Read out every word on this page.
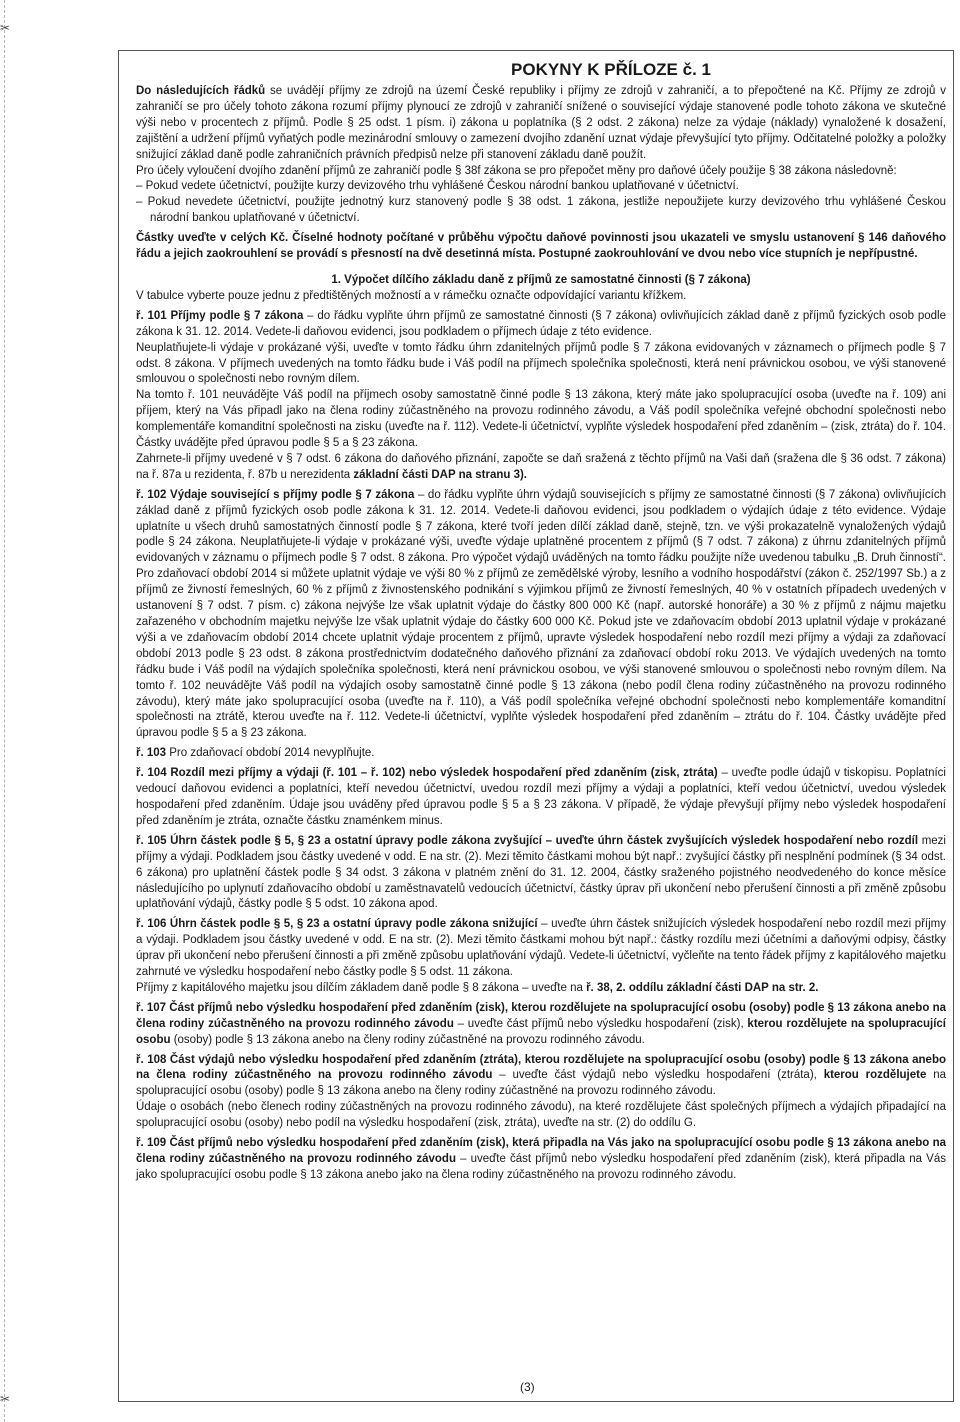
✂
✂

POKYNY K PŘÍLOZE č. 1

Do následujících řádků se uvádějí příjmy ze zdrojů na území České republiky i příjmy ze zdrojů v zahraničí, a to přepočtené na Kč. Příjmy ze zdrojů v zahraničí se pro účely tohoto zákona rozumí příjmy plynoucí ze zdrojů v zahraničí snížené o související výdaje stanovené podle tohoto zákona ve skutečné výši nebo v procentech z příjmů. Podle § 25 odst. 1 písm. i) zákona u poplatníka (§ 2 odst. 2 zákona) nelze za výdaje (náklady) vynaložené k dosažení, zajištění a udržení příjmů vyňatých podle mezinárodní smlouvy o zamezení dvojího zdanění uznat výdaje převyšující tyto příjmy. Odčitatelné položky a položky snižující základ daně podle zahraničních právních předpisů nelze při stanovení základu daně použít.

Pro účely vyloučení dvojího zdanění příjmů ze zahraničí podle § 38f zákona se pro přepočet měny pro daňové účely použije § 38 zákona následovně:

– Pokud vedete účetnictví, použijte kurzy devizového trhu vyhlášené Českou národní bankou uplatňované v účetnictví.

– Pokud nevedete účetnictví, použijte jednotný kurz stanovený podle § 38 odst. 1 zákona, jestliže nepoužijete kurzy devizového trhu vyhlášené Českou národní bankou uplatňované v účetnictví.

Částky uveďte v celých Kč. Číselné hodnoty počítané v průběhu výpočtu daňové povinnosti jsou ukazateli ve smyslu ustanovení § 146 daňového řádu a jejich zaokrouhlení se provádí s přesností na dvě desetinná místa. Postupné zaokrouhlování ve dvou nebo více stupních je nepřípustné.

1. Výpočet dílčího základu daně z příjmů ze samostatné činnosti (§ 7 zákona)

V tabulce vyberte pouze jednu z předtištěných možností a v rámečku označte odpovídající variantu křížkem.

ř. 101 Příjmy podle § 7 zákona – do řádku vyplňte úhrn příjmů ze samostatné činnosti (§ 7 zákona) ovlivňujících základ daně z příjmů fyzických osob podle zákona k 31. 12. 2014. Vedete-li daňovou evidenci, jsou podkladem o příjmech údaje z této evidence.

Neuplatňujete-li výdaje v prokázané výši, uveďte v tomto řádku úhrn zdanitelných příjmů podle § 7 zákona evidovaných v záznamech o příjmech podle § 7 odst. 8 zákona. V příjmech uvedených na tomto řádku bude i Váš podíl na příjmech společníka společnosti, která není právnickou osobou, ve výši stanovené smlouvou o společnosti nebo rovným dílem.

Na tomto ř. 101 neuvádějte Váš podíl na příjmech osoby samostatně činné podle § 13 zákona, který máte jako spolupracující osoba (uveďte na ř. 109) ani příjem, který na Vás připadl jako na člena rodiny zúčastněného na provozu rodinného závodu, a Váš podíl společníka veřejné obchodní společnosti nebo komplementáře komanditní společnosti na zisku (uveďte na ř. 112). Vedete-li účetnictví, vyplňte výsledek hospodaření před zdaněním – (zisk, ztráta) do ř. 104. Částky uvádějte před úpravou podle § 5 a § 23 zákona.

Zahrnete-li příjmy uvedené v § 7 odst. 6 zákona do daňového přiznání, započte se daň sražená z těchto příjmů na Vaši daň (sražena dle § 36 odst. 7 zákona) na ř. 87a u rezidenta, ř. 87b u nerezidenta základní části DAP na stranu 3).

ř. 102 Výdaje související s příjmy podle § 7 zákona – do řádku vyplňte úhrn výdajů souvisejících s příjmy ze samostatné činnosti (§ 7 zákona) ovlivňujících základ daně z příjmů fyzických osob podle zákona k 31. 12. 2014. Vedete-li daňovou evidenci, jsou podkladem o výdajích údaje z této evidence. Výdaje uplatníte u všech druhů samostatných činností podle § 7 zákona, které tvoří jeden dílčí základ daně, stejně, tzn. ve výši prokazatelně vynaložených výdajů podle § 24 zákona. Neuplatňujete-li výdaje v prokázané výši, uveďte výdaje uplatněné procentem z příjmů (§ 7 odst. 7 zákona) z úhrnu zdanitelných příjmů evidovaných v záznamu o příjmech podle § 7 odst. 8 zákona. Pro výpočet výdajů uváděných na tomto řádku použijte níže uvedenou tabulku „B. Druh činností“. Pro zdaňovací období 2014 si můžete uplatnit výdaje ve výši 80 % z příjmů ze zemědělské výroby, lesního a vodního hospodářství (zákon č. 252/1997 Sb.) a z příjmů ze živností řemeslných, 60 % z příjmů z živnostenského podnikání s výjimkou příjmů ze živností řemeslných, 40 % v ostatních případech uvedených v ustanovení § 7 odst. 7 písm. c) zákona nejvýše lze však uplatnit výdaje do částky 800 000 Kč (např. autorské honoráře) a 30 % z příjmů z nájmu majetku zařazeného v obchodním majetku nejvýše lze však uplatnit výdaje do částky 600 000 Kč. Pokud jste ve zdaňovacím období 2013 uplatnil výdaje v prokázané výši a ve zdaňovacím období 2014 chcete uplatnit výdaje procentem z příjmů, upravte výsledek hospodaření nebo rozdíl mezi příjmy a výdaji za zdaňovací období 2013 podle § 23 odst. 8 zákona prostřednictvím dodatečného daňového přiznání za zdaňovací období roku 2013. Ve výdajích uvedených na tomto řádku bude i Váš podíl na výdajích společníka společnosti, která není právnickou osobou, ve výši stanovené smlouvou o společnosti nebo rovným dílem. Na tomto ř. 102 neuvádějte Váš podíl na výdajích osoby samostatně činné podle § 13 zákona (nebo podíl člena rodiny zúčastněného na provozu rodinného závodu), který máte jako spolupracující osoba (uveďte na ř. 110), a Váš podíl společníka veřejné obchodní společnosti nebo komplementáře komanditní společnosti na ztrátě, kterou uveďte na ř. 112. Vedete-li účetnictví, vyplňte výsledek hospodaření před zdaněním – ztrátu do ř. 104. Částky uvádějte před úpravou podle § 5 a § 23 zákona.

ř. 103 Pro zdaňovací období 2014 nevyplňujte.

ř. 104 Rozdíl mezi příjmy a výdaji (ř. 101 – ř. 102) nebo výsledek hospodaření před zdaněním (zisk, ztráta) – uveďte podle údajů v tiskopisu. Poplatníci vedoucí daňovou evidenci a poplatníci, kteří nevedou účetnictví, uvedou rozdíl mezi příjmy a výdaji a poplatníci, kteří vedou účetnictví, uvedou výsledek hospodaření před zdaněním. Údaje jsou uváděny před úpravou podle § 5 a § 23 zákona. V případě, že výdaje převyšují příjmy nebo výsledek hospodaření před zdaněním je ztráta, označte částku znaménkem minus.

ř. 105 Úhrn částek podle § 5, § 23 a ostatní úpravy podle zákona zvyšující – uveďte úhrn částek zvyšujících výsledek hospodaření nebo rozdíl mezi příjmy a výdaji. Podkladem jsou částky uvedené v odd. E na str. (2). Mezi těmito částkami mohou být např.: zvyšující částky při nesplnění podmínek (§ 34 odst. 6 zákona) pro uplatnění částek podle § 34 odst. 3 zákona v platném znění do 31. 12. 2004, částky sraženého pojistného neodvedeného do konce měsíce následujícího po uplynutí zdaňovacího období u zaměstnavatelů vedoucích účetnictví, částky úprav při ukončení nebo přerušení činnosti a při změně způsobu uplatňování výdajů, částky podle § 5 odst. 10 zákona apod.

ř. 106 Úhrn částek podle § 5, § 23 a ostatní úpravy podle zákona snižující – uveďte úhrn částek snižujících výsledek hospodaření nebo rozdíl mezi příjmy a výdaji. Podkladem jsou částky uvedené v odd. E na str. (2). Mezi těmito částkami mohou být např.: částky rozdílu mezi účetními a daňovými odpisy, částky úprav při ukončení nebo přerušení činnosti a při změně způsobu uplatňování výdajů. Vedete-li účetnictví, vyčleňte na tento řádek příjmy z kapitálového majetku zahrnuté ve výsledku hospodaření nebo částky podle § 5 odst. 11 zákona.

Příjmy z kapitálového majetku jsou dílčím základem daně podle § 8 zákona – uveďte na ř. 38, 2. oddílu základní části DAP na str. 2.

ř. 107 Část příjmů nebo výsledku hospodaření před zdaněním (zisk), kterou rozdělujete na spolupracující osobu (osoby) podle § 13 zákona anebo na člena rodiny zúčastněného na provozu rodinného závodu – uveďte část příjmů nebo výsledku hospodaření (zisk), kterou rozdělujete na spolupracující osobu (osoby) podle § 13 zákona anebo na členy rodiny zúčastněné na provozu rodinného závodu.

ř. 108 Část výdajů nebo výsledku hospodaření před zdaněním (ztráta), kterou rozdělujete na spolupracující osobu (osoby) podle § 13 zákona anebo na člena rodiny zúčastněného na provozu rodinného závodu – uveďte část výdajů nebo výsledku hospodaření (ztráta), kterou rozdělujete na spolupracující osobu (osoby) podle § 13 zákona anebo na členy rodiny zúčastněné na provozu rodinného závodu.

Údaje o osobách (nebo členech rodiny zúčastněných na provozu rodinného závodu), na které rozdělujete část společných příjmech a výdajích připadající na spolupracující osobu (osoby) nebo podíl na výsledku hospodaření (zisk, ztráta), uveďte na str. (2) do oddílu G.

ř. 109 Část příjmů nebo výsledku hospodaření před zdaněním (zisk), která připadla na Vás jako na spolupracující osobu podle § 13 zákona anebo na člena rodiny zúčastněného na provozu rodinného závodu – uveďte část příjmů nebo výsledku hospodaření před zdaněním (zisk), která připadla na Vás jako spolupracující osobu podle § 13 zákona anebo jako na člena rodiny zúčastněného na provozu rodinného závodu.

(3)
